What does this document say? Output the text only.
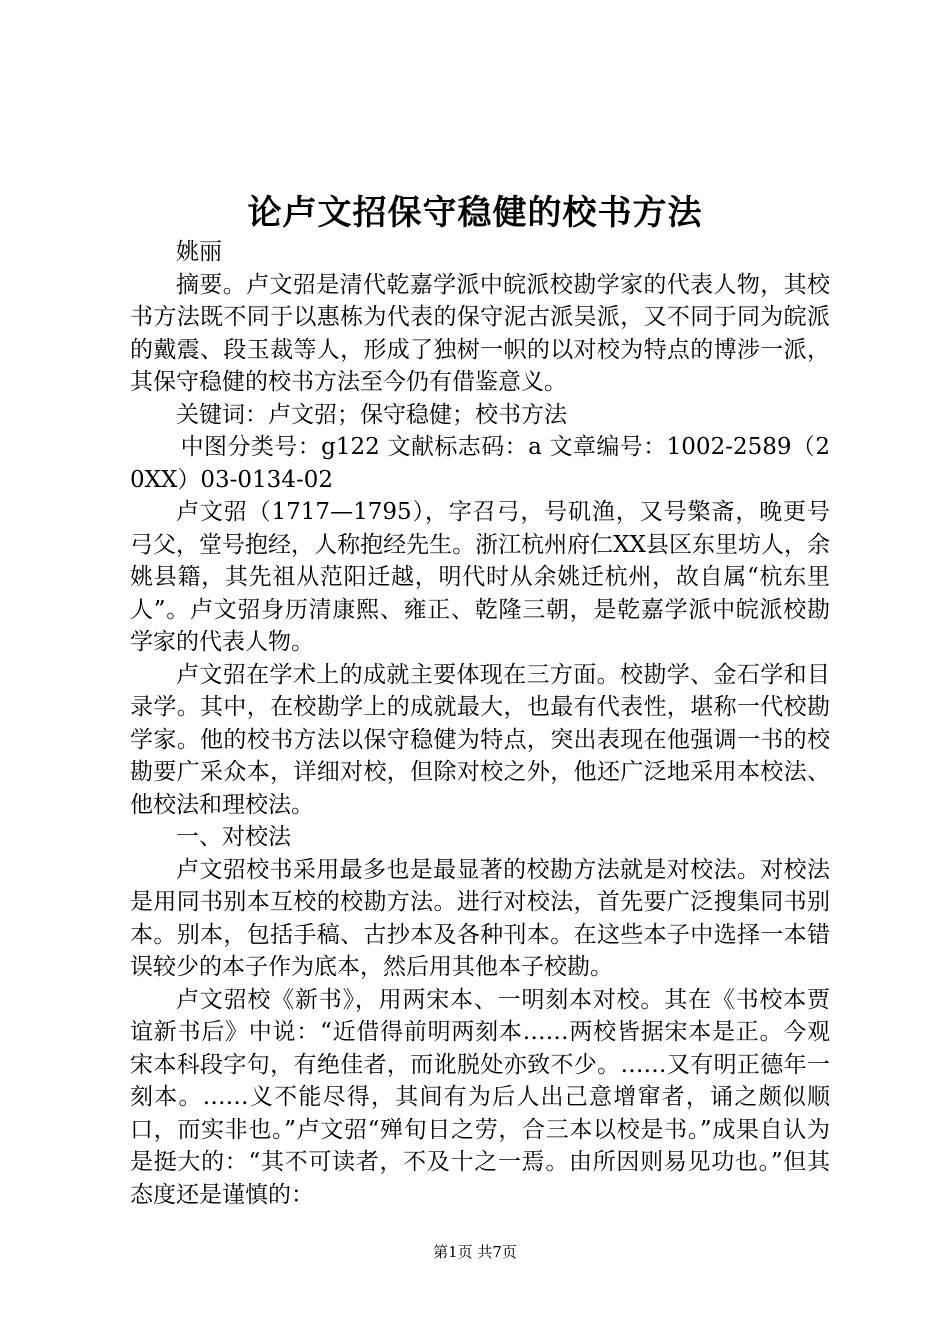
论卢文招保守稳健的校书方法

姚丽

摘要。卢文弨是清代乾嘉学派中皖派校勘学家的代表人物，其校书方法既不同于以惠栋为代表的保守泥古派吴派，又不同于同为皖派的戴震、段玉裁等人，形成了独树一帜的以对校为特点的博涉一派，其保守稳健的校书方法至今仍有借鉴意义。

关键词：卢文弨；保守稳健；校书方法

中图分类号：g122 文献标志码：a 文章编号：1002-2589（20XX）03-0134-02

卢文弨（1717—1795），字召弓，号矶渔，又号檠斋，晚更号弓父，堂号抱经，人称抱经先生。浙江杭州府仁XX县区东里坊人，余姚县籍，其先祖从范阳迁越，明代时从余姚迁杭州，故自属“杭东里人”。卢文弨身历清康熙、雍正、乾隆三朝，是乾嘉学派中皖派校勘学家的代表人物。

卢文弨在学术上的成就主要体现在三方面。校勘学、金石学和目录学。其中，在校勘学上的成就最大，也最有代表性，堪称一代校勘学家。他的校书方法以保守稳健为特点，突出表现在他强调一书的校勘要广采众本，详细对校，但除对校之外，他还广泛地采用本校法、他校法和理校法。

一、对校法

卢文弨校书采用最多也是最显著的校勘方法就是对校法。对校法是用同书别本互校的校勘方法。进行对校法，首先要广泛搜集同书别本。别本，包括手稿、古抄本及各种刊本。在这些本子中选择一本错误较少的本子作为底本，然后用其他本子校勘。

卢文弨校《新书》，用两宋本、一明刻本对校。其在《书校本贾谊新书后》中说：“近借得前明两刻本……两校皆据宋本是正。今观宋本科段字句，有绝佳者，而讹脱处亦致不少。……又有明正德年一刻本。……义不能尽得，其间有为后人出己意增窜者，诵之颇似顺口，而实非也。”卢文弨“殚旬日之劳，合三本以校是书。”成果自认为是挺大的：“其不可读者，不及十之一焉。由所因则易见功也。”但其态度还是谨慎的：

第1页 共7页
